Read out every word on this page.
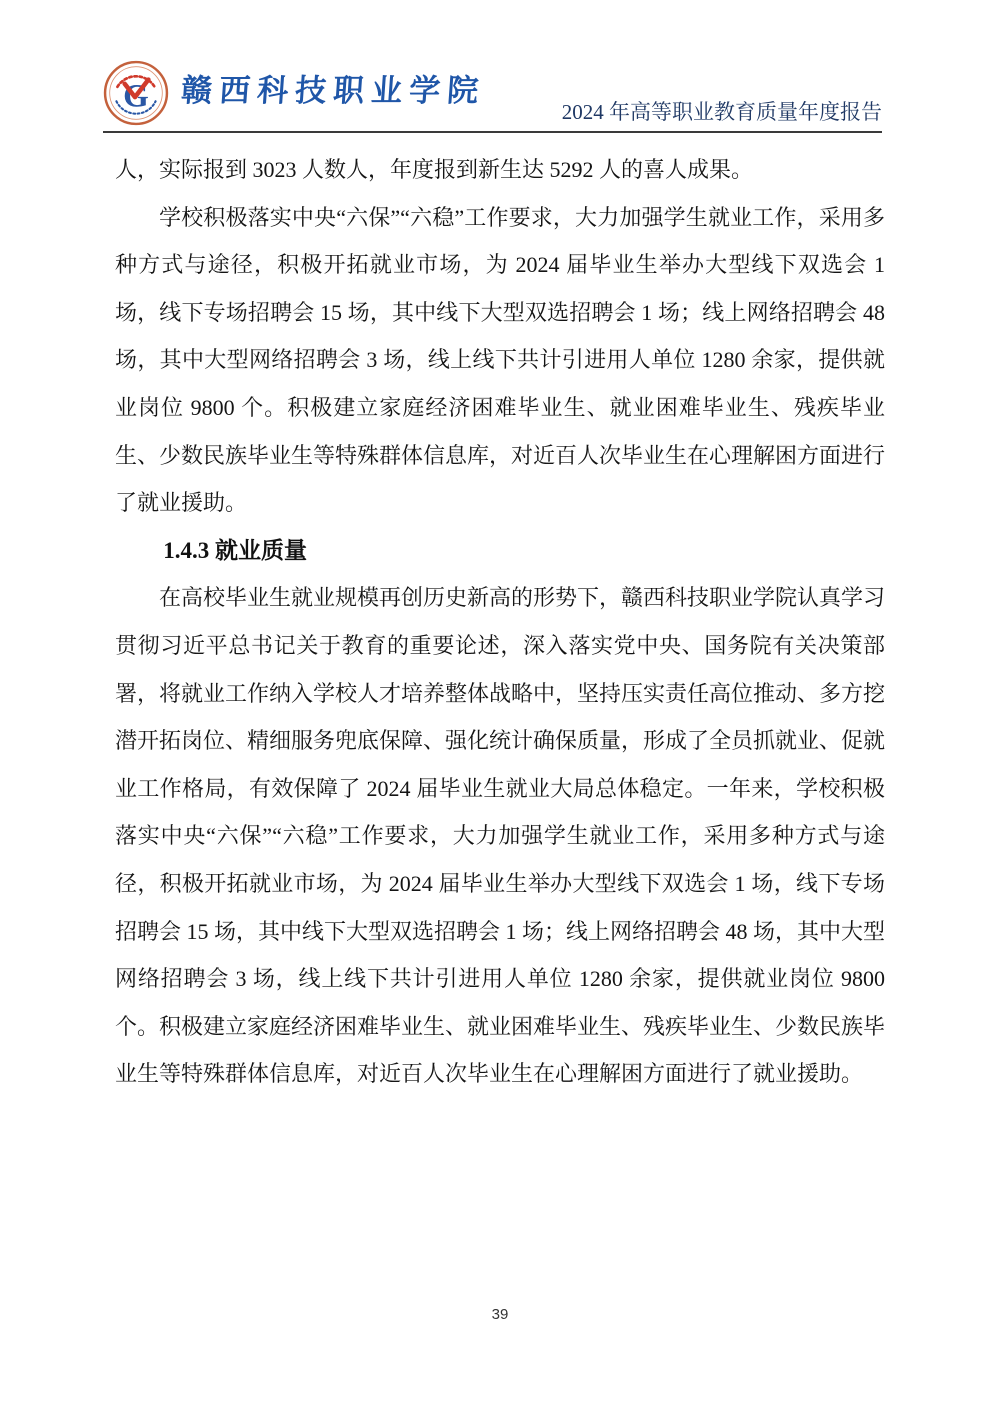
G 赣西科技职业学院
2024 年高等职业教育质量年度报告

人，实际报到 3023 人数人，年度报到新生达 5292 人的喜人成果。

学校积极落实中央“六保”“六稳”工作要求，大力加强学生就业工作，采用多种方式与途径，积极开拓就业市场，为 2024 届毕业生举办大型线下双选会 1 场，线下专场招聘会 15 场，其中线下大型双选招聘会 1 场；线上网络招聘会 48 场，其中大型网络招聘会 3 场，线上线下共计引进用人单位 1280 余家，提供就业岗位 9800 个。积极建立家庭经济困难毕业生、就业困难毕业生、残疾毕业生、少数民族毕业生等特殊群体信息库，对近百人次毕业生在心理解困方面进行了就业援助。

1.4.3 就业质量

在高校毕业生就业规模再创历史新高的形势下，赣西科技职业学院认真学习贯彻习近平总书记关于教育的重要论述，深入落实党中央、国务院有关决策部署，将就业工作纳入学校人才培养整体战略中，坚持压实责任高位推动、多方挖潜开拓岗位、精细服务兜底保障、强化统计确保质量，形成了全员抓就业、促就业工作格局，有效保障了 2024 届毕业生就业大局总体稳定。一年来，学校积极落实中央“六保”“六稳”工作要求，大力加强学生就业工作，采用多种方式与途径，积极开拓就业市场，为 2024 届毕业生举办大型线下双选会 1 场，线下专场招聘会 15 场，其中线下大型双选招聘会 1 场；线上网络招聘会 48 场，其中大型网络招聘会 3 场，线上线下共计引进用人单位 1280 余家，提供就业岗位 9800 个。积极建立家庭经济困难毕业生、就业困难毕业生、残疾毕业生、少数民族毕业生等特殊群体信息库，对近百人次毕业生在心理解困方面进行了就业援助。

39
